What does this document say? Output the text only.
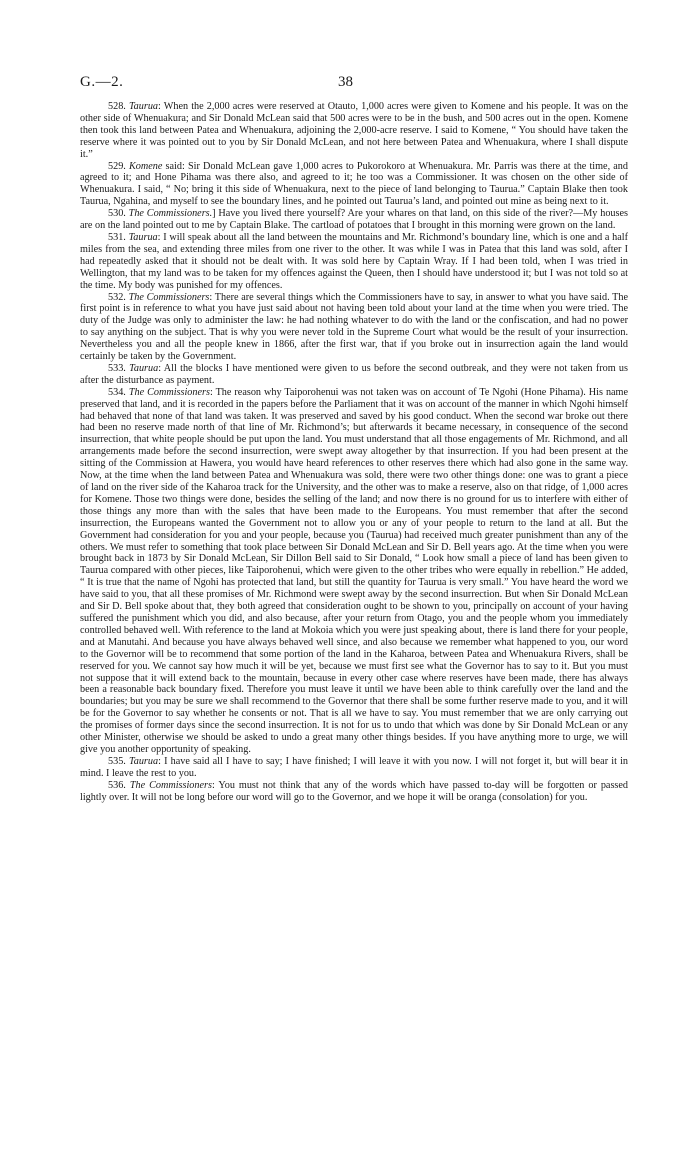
G.—2.	38

528. Taurua: When the 2,000 acres were reserved at Otauto, 1,000 acres were given to Komene and his people. It was on the other side of Whenuakura; and Sir Donald McLean said that 500 acres were to be in the bush, and 500 acres out in the open. Komene then took this land between Patea and Whenuakura, adjoining the 2,000-acre reserve. I said to Komene, “ You should have taken the reserve where it was pointed out to you by Sir Donald McLean, and not here between Patea and Whenuakura, where I shall dispute it.”

529. Komene said: Sir Donald McLean gave 1,000 acres to Pukorokoro at Whenuakura. Mr. Parris was there at the time, and agreed to it; and Hone Pihama was there also, and agreed to it; he too was a Commissioner. It was chosen on the other side of Whenuakura. I said, “ No; bring it this side of Whenuakura, next to the piece of land belonging to Taurua.” Captain Blake then took Taurua, Ngahina, and myself to see the boundary lines, and he pointed out Taurua’s land, and pointed out mine as being next to it.

530. The Commissioners.] Have you lived there yourself? Are your whares on that land, on this side of the river?—My houses are on the land pointed out to me by Captain Blake. The cartload of potatoes that I brought in this morning were grown on the land.

531. Taurua: I will speak about all the land between the mountains and Mr. Richmond’s boundary line, which is one and a half miles from the sea, and extending three miles from one river to the other. It was while I was in Patea that this land was sold, after I had repeatedly asked that it should not be dealt with. It was sold here by Captain Wray. If I had been told, when I was tried in Wellington, that my land was to be taken for my offences against the Queen, then I should have understood it; but I was not told so at the time. My body was punished for my offences.

532. The Commissioners: There are several things which the Commissioners have to say, in answer to what you have said. The first point is in reference to what you have just said about not having been told about your land at the time when you were tried. The duty of the Judge was only to administer the law: he had nothing whatever to do with the land or the confiscation, and had no power to say anything on the subject. That is why you were never told in the Supreme Court what would be the result of your insurrection. Nevertheless you and all the people knew in 1866, after the first war, that if you broke out in insurrection again the land would certainly be taken by the Government.

533. Taurua: All the blocks I have mentioned were given to us before the second outbreak, and they were not taken from us after the disturbance as payment.

534. The Commissioners: The reason why Taiporohenui was not taken was on account of Te Ngohi (Hone Pihama). His name preserved that land, and it is recorded in the papers before the Parliament that it was on account of the manner in which Ngohi himself had behaved that none of that land was taken. It was preserved and saved by his good conduct. When the second war broke out there had been no reserve made north of that line of Mr. Richmond’s; but afterwards it became necessary, in consequence of the second insurrection, that white people should be put upon the land. You must understand that all those engagements of Mr. Richmond, and all arrangements made before the second insurrection, were swept away altogether by that insurrection. If you had been present at the sitting of the Commission at Hawera, you would have heard references to other reserves there which had also gone in the same way. Now, at the time when the land between Patea and Whenuakura was sold, there were two other things done: one was to grant a piece of land on the river side of the Kaharoa track for the University, and the other was to make a reserve, also on that ridge, of 1,000 acres for Komene. Those two things were done, besides the selling of the land; and now there is no ground for us to interfere with either of those things any more than with the sales that have been made to the Europeans. You must remember that after the second insurrection, the Europeans wanted the Government not to allow you or any of your people to return to the land at all. But the Government had consideration for you and your people, because you (Taurua) had received much greater punishment than any of the others. We must refer to something that took place between Sir Donald McLean and Sir D. Bell years ago. At the time when you were brought back in 1873 by Sir Donald McLean, Sir Dillon Bell said to Sir Donald, “ Look how small a piece of land has been given to Taurua compared with other pieces, like Taiporohenui, which were given to the other tribes who were equally in rebellion.” He added, “ It is true that the name of Ngohi has protected that land, but still the quantity for Taurua is very small.” You have heard the word we have said to you, that all these promises of Mr. Richmond were swept away by the second insurrection. But when Sir Donald McLean and Sir D. Bell spoke about that, they both agreed that consideration ought to be shown to you, principally on account of your having suffered the punishment which you did, and also because, after your return from Otago, you and the people whom you immediately controlled behaved well. With reference to the land at Mokoia which you were just speaking about, there is land there for your people, and at Manutahi. And because you have always behaved well since, and also because we remember what happened to you, our word to the Governor will be to recommend that some portion of the land in the Kaharoa, between Patea and Whenuakura Rivers, shall be reserved for you. We cannot say how much it will be yet, because we must first see what the Governor has to say to it. But you must not suppose that it will extend back to the mountain, because in every other case where reserves have been made, there has always been a reasonable back boundary fixed. Therefore you must leave it until we have been able to think carefully over the land and the boundaries; but you may be sure we shall recommend to the Governor that there shall be some further reserve made to you, and it will be for the Governor to say whether he consents or not. That is all we have to say. You must remember that we are only carrying out the promises of former days since the second insurrection. It is not for us to undo that which was done by Sir Donald McLean or any other Minister, otherwise we should be asked to undo a great many other things besides. If you have anything more to urge, we will give you another opportunity of speaking.

535. Taurua: I have said all I have to say; I have finished; I will leave it with you now. I will not forget it, but will bear it in mind. I leave the rest to you.

536. The Commissioners: You must not think that any of the words which have passed to-day will be forgotten or passed lightly over. It will not be long before our word will go to the Governor, and we hope it will be oranga (consolation) for you.
